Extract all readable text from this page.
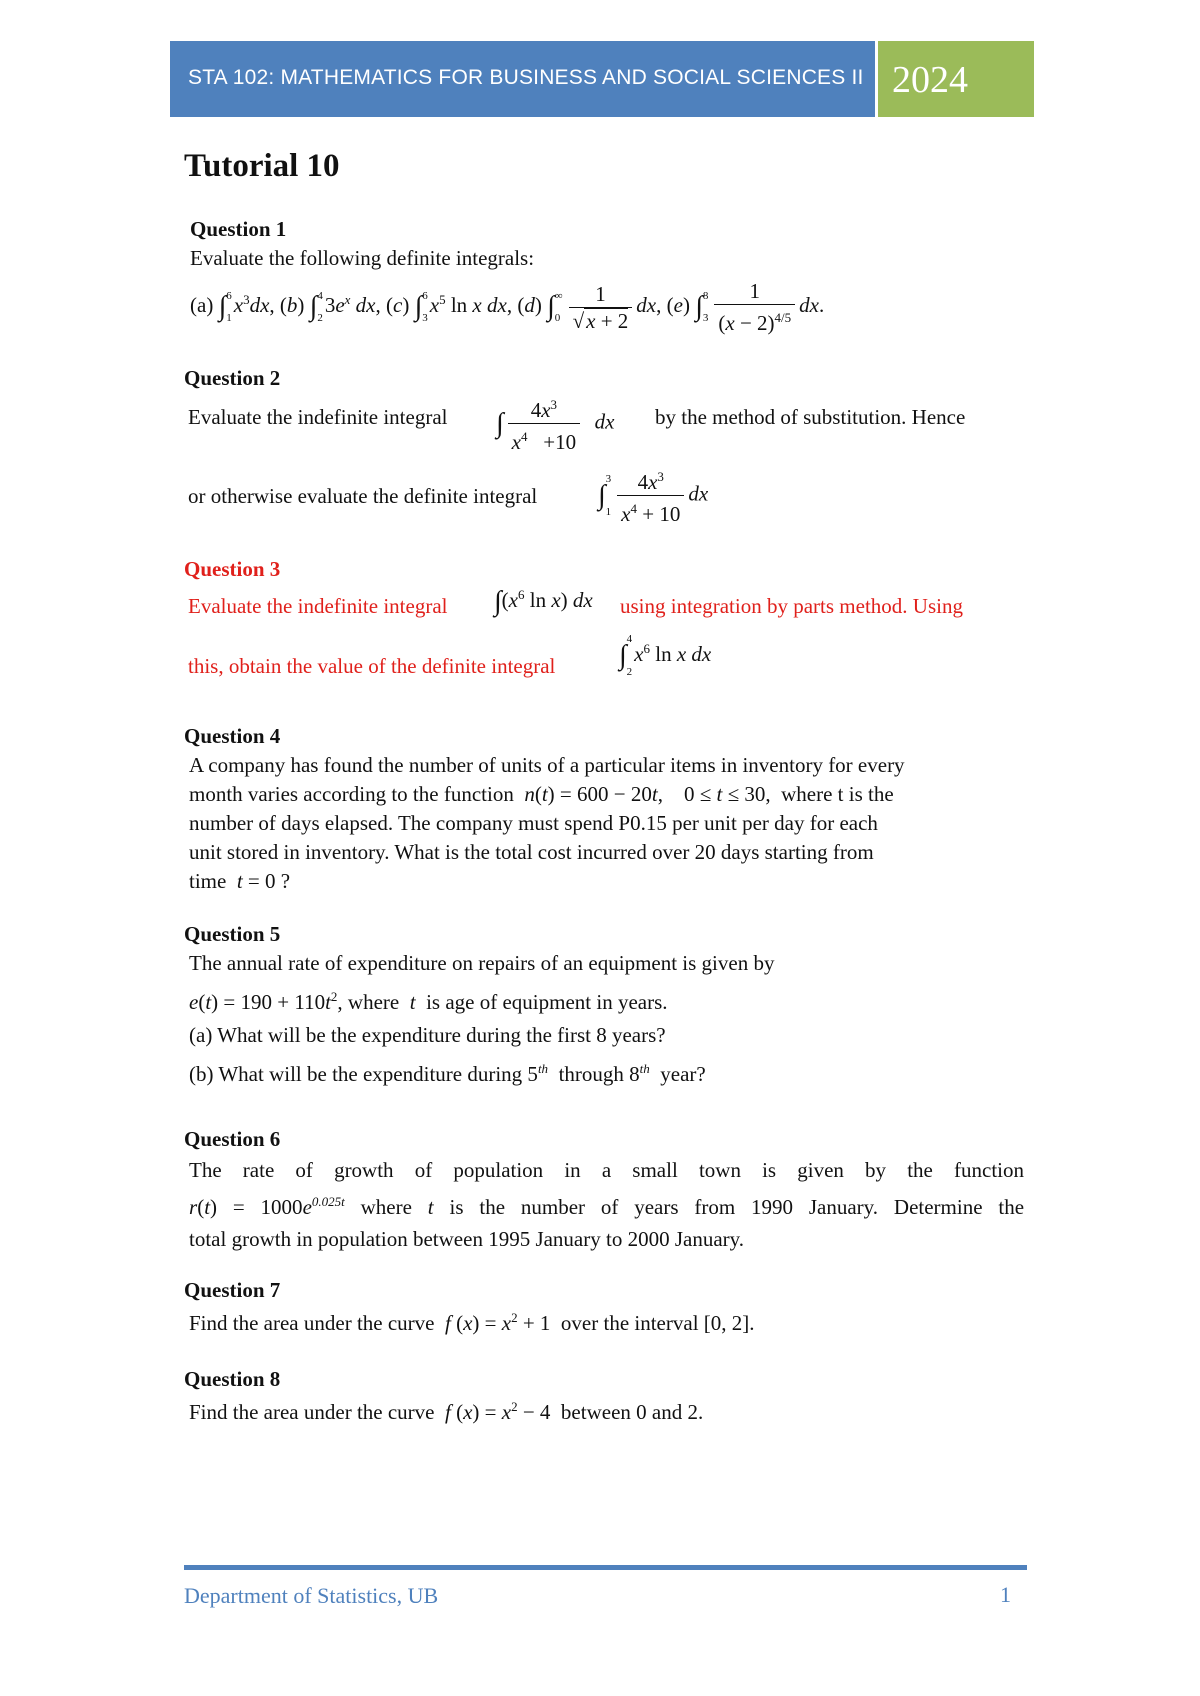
STA 102: MATHEMATICS FOR BUSINESS AND SOCIAL SCIENCES II 2024
Tutorial 10
Question 1
Evaluate the following definite integrals:
(a) ∫6

$1x^3dx$, (b) ∫4

$23e^x$ dx, (c) ∫6

$3x^5$ ln x dx, (d) ∫∞

$0 \frac{1}{√x + 2}$ dx, (e) ∫8

$3 \frac{1}{(x - 2)^{4/5}}$ dx.
Question 2
Evaluate the indefinite integral ∫ $\frac{4x^3}{x^4 +10}$ dx by the method of substitution. Hence
or otherwise evaluate the definite integral ∫3

$1 \frac{4x^3}{x^4 + 10}$ dx
Question 3
Evaluate the indefinite integral $\int(x^6$ ln x) dx using integration by parts method. Using
this, obtain the value of the definite integral ∫4

$2x^6$ ln x dx
Question 4
A company has found the number of units of a particular items in inventory for every
month varies according to the function n(t) = 600 − 20t,    0 ≤ t ≤ 30, where t is the
number of days elapsed. The company must spend P0.15 per unit per day for each
unit stored in inventory. What is the total cost incurred over 20 days starting from
time t = 0 ?
Question 5
The annual rate of expenditure on repairs of an equipment is given by
$e(t) = 190 + 110t^2$, where t is age of equipment in years.
(a) What will be the expenditure during the first 8 years?
(b) What will be the expenditure during 5th through 8th year?
Question 6
The rate of growth of population in a small town is given by the function
$r(t) = 1000e^{0.025t}$ where t is the number of years from 1990 January. Determine the
total growth in population between 1995 January to 2000 January.
Question 7
Find the area under the curve f $(x) = x^2 + 1$ over the interval [0, 2].
Question 8
Find the area under the curve f $(x) = x^2 - 4$ between 0 and 2.
Department of Statistics, UB	1
